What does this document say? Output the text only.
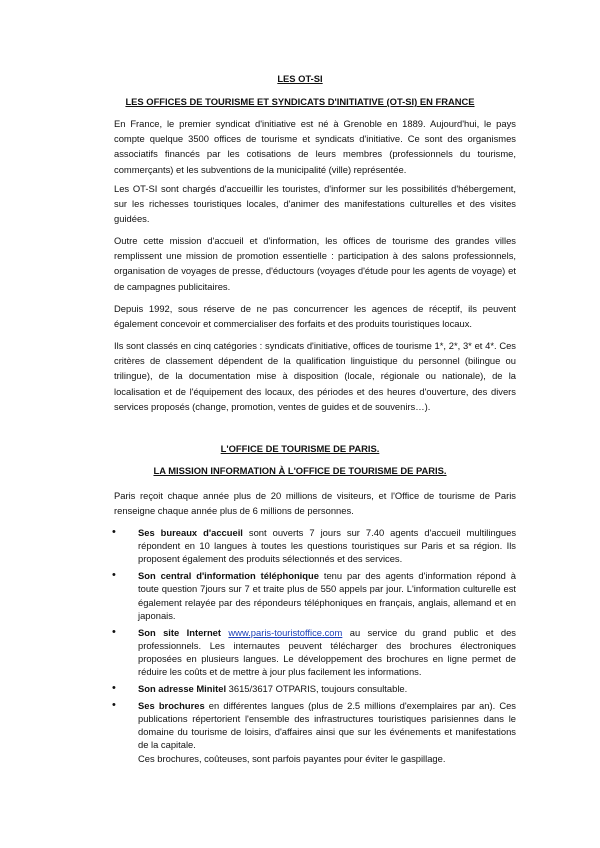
LES OT-SI

LES OFFICES DE TOURISME ET SYNDICATS D'INITIATIVE (OT-SI) EN FRANCE

En France, le premier syndicat d'initiative est né à Grenoble en 1889. Aujourd'hui, le pays compte quelque 3500 offices de tourisme et syndicats d'initiative. Ce sont des organismes associatifs financés par les cotisations de leurs membres (professionnels du tourisme, commerçants) et les subventions de la municipalité (ville) représentée.

Les OT-SI sont chargés d'accueillir les touristes, d'informer sur les possibilités d'hébergement, sur les richesses touristiques locales, d'animer des manifestations culturelles et des visites guidées.

Outre cette mission d'accueil et d'information, les offices de tourisme des grandes villes remplissent une mission de promotion essentielle : participation à des salons professionnels, organisation de voyages de presse, d'éductours (voyages d'étude pour les agents de voyage) et de campagnes publicitaires.

Depuis 1992, sous réserve de ne pas concurrencer les agences de réceptif, ils peuvent également concevoir et commercialiser des forfaits et des produits touristiques locaux.

Ils sont classés en cinq catégories : syndicats d'initiative, offices de tourisme 1*, 2*, 3* et 4*. Ces critères de classement dépendent de la qualification linguistique du personnel (bilingue ou trilingue), de la documentation mise à disposition (locale, régionale ou nationale), de la localisation et de l'équipement des locaux, des périodes et des heures d'ouverture, des divers services proposés (change, promotion, ventes de guides et de souvenirs…).

L'OFFICE DE TOURISME DE PARIS.

LA MISSION INFORMATION À L'OFFICE DE TOURISME DE PARIS.

Paris reçoit chaque année plus de 20 millions de visiteurs, et l'Office de tourisme de Paris renseigne chaque année plus de 6 millions de personnes.

• Ses bureaux d'accueil sont ouverts 7 jours sur 7.40 agents d'accueil multilingues répondent en 10 langues à toutes les questions touristiques sur Paris et sa région. Ils proposent également des produits sélectionnés et des services.
• Son central d'information téléphonique tenu par des agents d'information répond à toute question 7jours sur 7 et traite plus de 550 appels par jour. L'information culturelle est également relayée par des répondeurs téléphoniques en français, anglais, allemand et en japonais.
• Son site Internet www.paris-touristoffice.com au service du grand public et des professionnels. Les internautes peuvent télécharger des brochures électroniques proposées en plusieurs langues. Le développement des brochures en ligne permet de réduire les coûts et de mettre à jour plus facilement les informations.
• Son adresse Minitel 3615/3617 OTPARIS, toujours consultable.
• Ses brochures en différentes langues (plus de 2.5 millions d'exemplaires par an). Ces publications répertorient l'ensemble des infrastructures touristiques parisiennes dans le domaine du tourisme de loisirs, d'affaires ainsi que sur les événements et manifestations de la capitale.
Ces brochures, coûteuses, sont parfois payantes pour éviter le gaspillage.
